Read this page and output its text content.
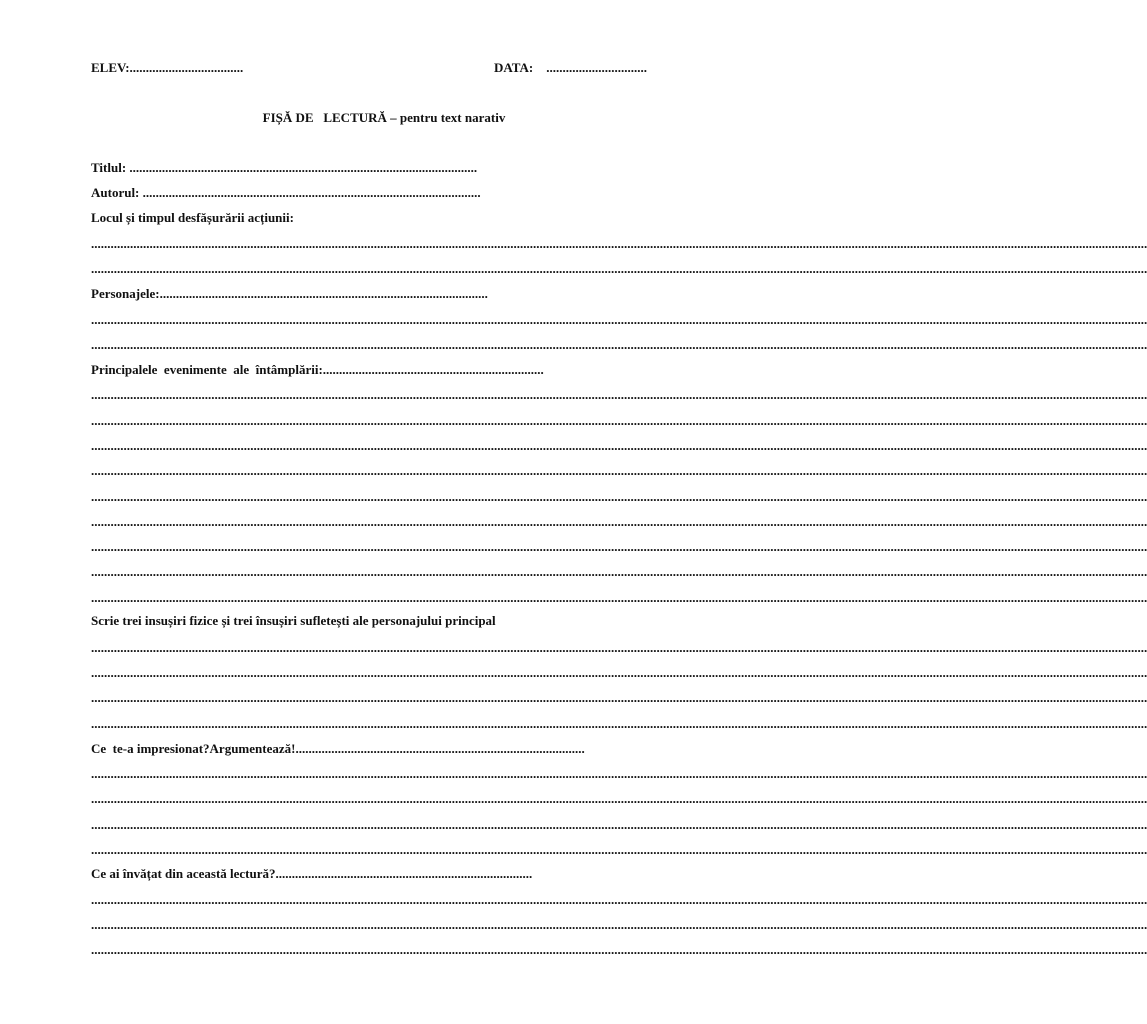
ELEV:...................................	DATA: ...............................
FIȘĂ DE   LECTURĂ – pentru text narativ
Titlul: ...........................................................................................................
Autorul: ........................................................................................................
Locul și timpul desfășurării acțiunii:
.....................................................................................................................................................................................................................................................................................................................................
.....................................................................................................................................................................................................................................................................................................................................
Personajele:.....................................................................................................
.....................................................................................................................................................................................................................................................................................................................................
.....................................................................................................................................................................................................................................................................................................................................
Principalele  evenimente  ale  întâmplării:....................................................................
.....................................................................................................................................................................................................................................................................................................................................
.....................................................................................................................................................................................................................................................................................................................................
.....................................................................................................................................................................................................................................................................................................................................
.....................................................................................................................................................................................................................................................................................................................................
.....................................................................................................................................................................................................................................................................................................................................
.....................................................................................................................................................................................................................................................................................................................................
.....................................................................................................................................................................................................................................................................................................................................
.....................................................................................................................................................................................................................................................................................................................................
.....................................................................................................................................................................................................................................................................................................................................
Scrie trei insușiri fizice și trei însușiri sufletești ale personajului principal
.....................................................................................................................................................................................................................................................................................................................................
.....................................................................................................................................................................................................................................................................................................................................
.....................................................................................................................................................................................................................................................................................................................................
.....................................................................................................................................................................................................................................................................................................................................
Ce  te-a impresionat?Argumentează!.........................................................................................
.....................................................................................................................................................................................................................................................................................................................................
.....................................................................................................................................................................................................................................................................................................................................
.....................................................................................................................................................................................................................................................................................................................................
.....................................................................................................................................................................................................................................................................................................................................
Ce ai învățat din această lectură?...............................................................................
.....................................................................................................................................................................................................................................................................................................................................
.....................................................................................................................................................................................................................................................................................................................................
.....................................................................................................................................................................................................................................................................................................................................
